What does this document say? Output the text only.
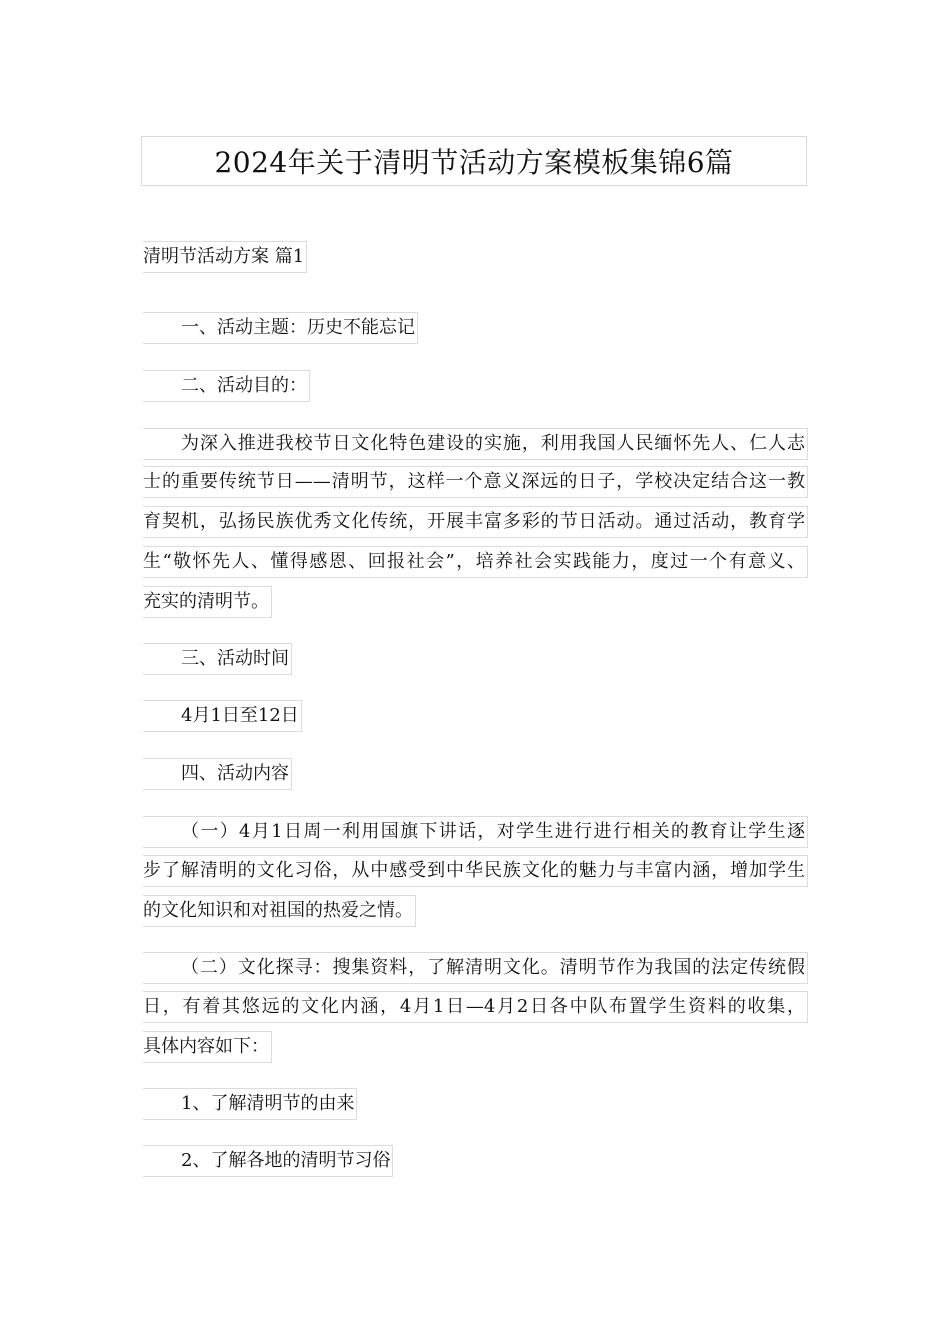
2024年关于清明节活动方案模板集锦6篇
清明节活动方案 篇1
一、活动主题：历史不能忘记
二、活动目的：
为深入推进我校节日文化特色建设的实施，利用我国人民缅怀先人、仁人志
士的重要传统节日——清明节，这样一个意义深远的日子，学校决定结合这一教
育契机，弘扬民族优秀文化传统，开展丰富多彩的节日活动。通过活动，教育学
生“敬怀先人、懂得感恩、回报社会”，培养社会实践能力，度过一个有意义、
充实的清明节。
三、活动时间
4月1日至12日
四、活动内容
（一）4月1日周一利用国旗下讲话，对学生进行进行相关的教育让学生逐
步了解清明的文化习俗，从中感受到中华民族文化的魅力与丰富内涵，增加学生
的文化知识和对祖国的热爱之情。
（二）文化探寻：搜集资料，了解清明文化。清明节作为我国的法定传统假
日，有着其悠远的文化内涵，4月1日—4月2日各中队布置学生资料的收集，
具体内容如下：
1、了解清明节的由来
2、了解各地的清明节习俗
